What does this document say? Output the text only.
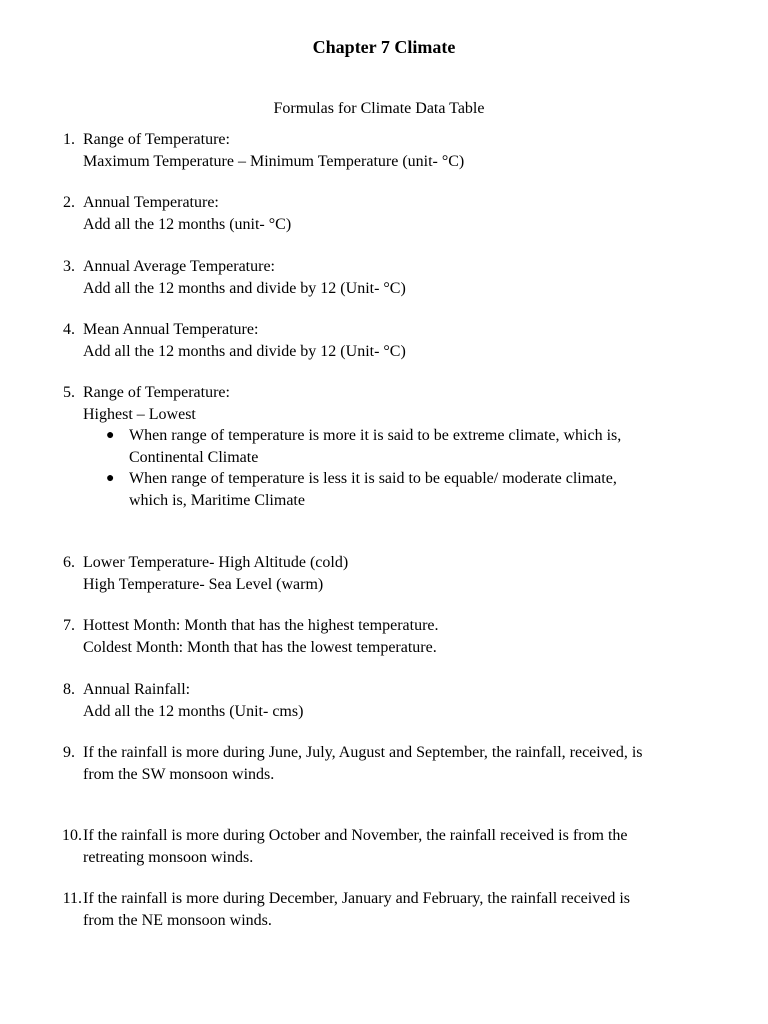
Chapter 7 Climate
Formulas for Climate Data Table
1. Range of Temperature:
Maximum Temperature – Minimum Temperature (unit- °C)
2. Annual Temperature:
Add all the 12 months (unit- °C)
3. Annual Average Temperature:
Add all the 12 months and divide by 12 (Unit- °C)
4. Mean Annual Temperature:
Add all the 12 months and divide by 12 (Unit- °C)
5. Range of Temperature:
Highest – Lowest
● When range of temperature is more it is said to be extreme climate, which is,
Continental Climate
● When range of temperature is less it is said to be equable/ moderate climate,
which is, Maritime Climate
6. Lower Temperature- High Altitude (cold)
High Temperature- Sea Level (warm)
7. Hottest Month: Month that has the highest temperature.
Coldest Month: Month that has the lowest temperature.
8. Annual Rainfall:
Add all the 12 months (Unit- cms)
9. If the rainfall is more during June, July, August and September, the rainfall, received, is
from the SW monsoon winds.
10. If the rainfall is more during October and November, the rainfall received is from the
retreating monsoon winds.
11. If the rainfall is more during December, January and February, the rainfall received is
from the NE monsoon winds.
